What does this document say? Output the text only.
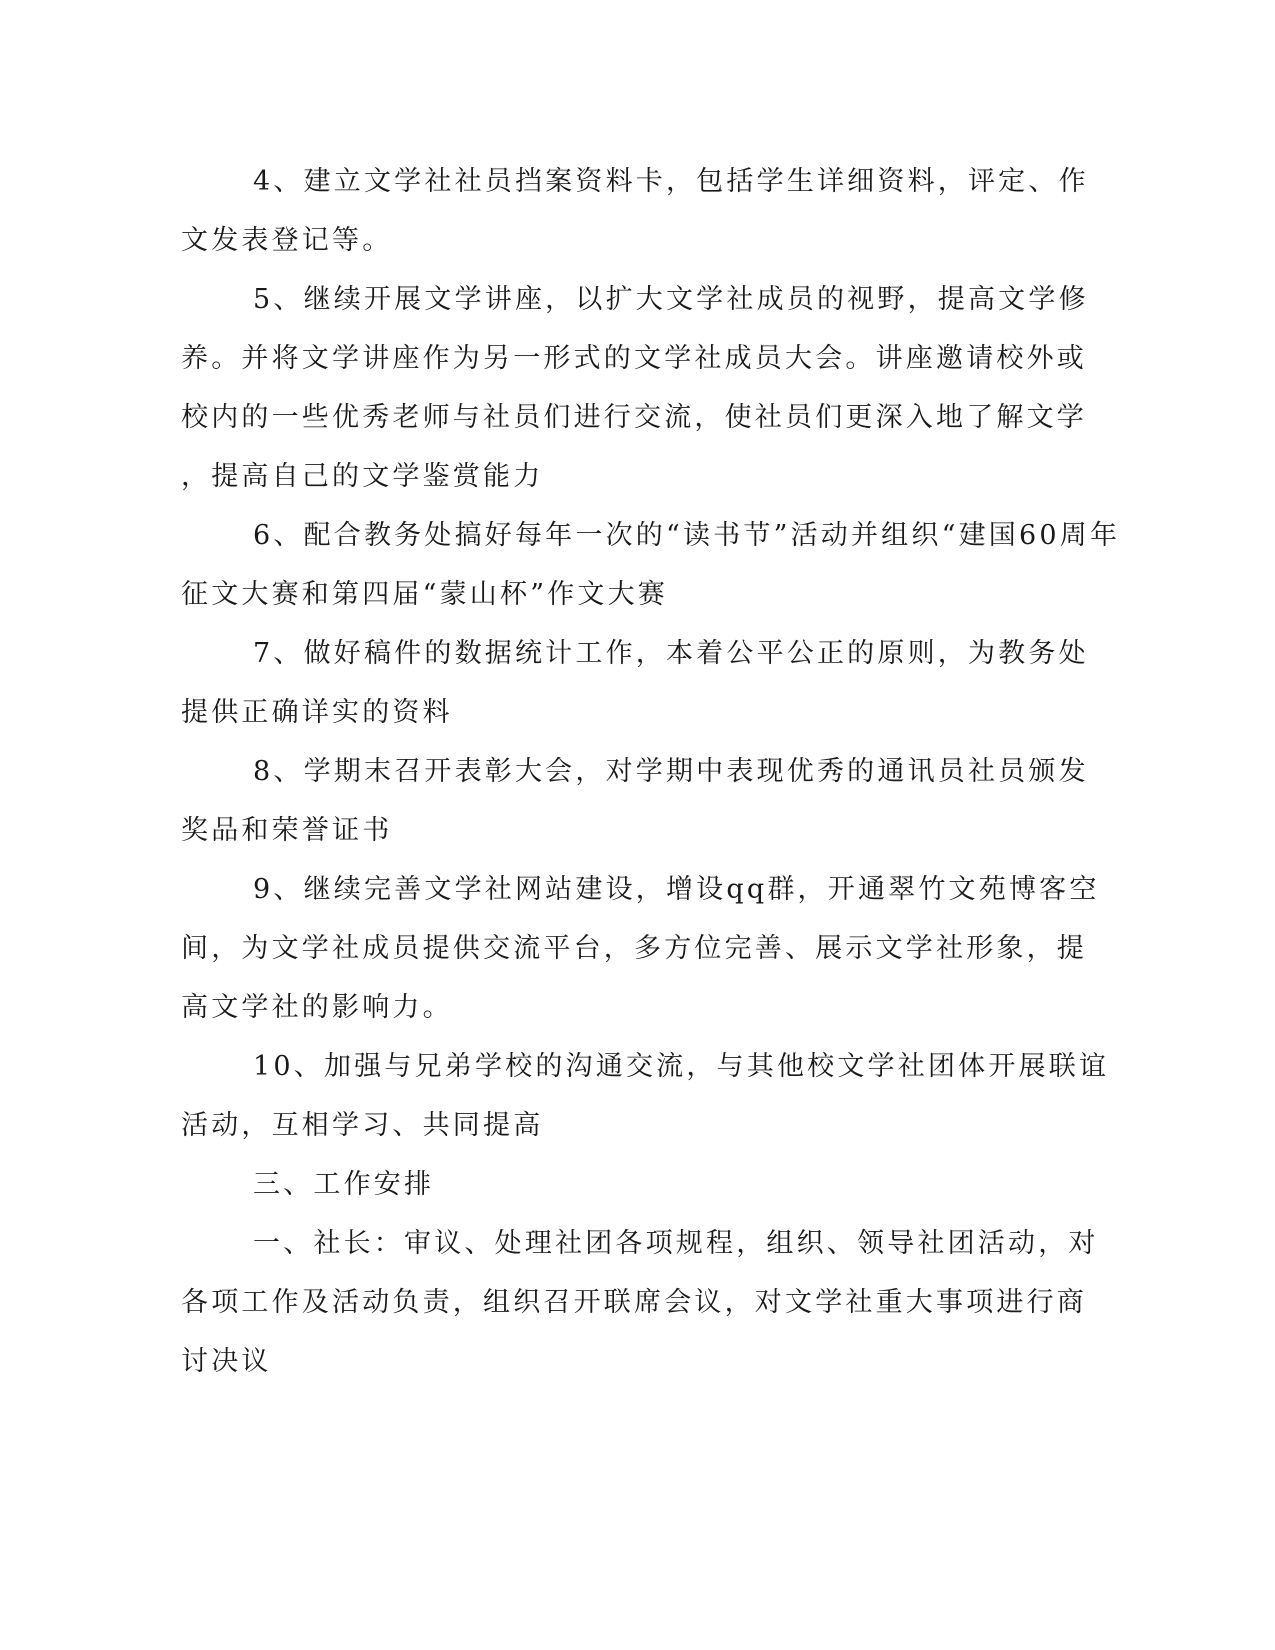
4、建立文学社社员挡案资料卡，包括学生详细资料，评定、作
文发表登记等。

5、继续开展文学讲座，以扩大文学社成员的视野，提高文学修
养。并将文学讲座作为另一形式的文学社成员大会。讲座邀请校外或
校内的一些优秀老师与社员们进行交流，使社员们更深入地了解文学
，提高自己的文学鉴赏能力

6、配合教务处搞好每年一次的“读书节”活动并组织“建国60周年
征文大赛和第四届“蒙山杯”作文大赛

7、做好稿件的数据统计工作，本着公平公正的原则，为教务处
提供正确详实的资料

8、学期末召开表彰大会，对学期中表现优秀的通讯员社员颁发
奖品和荣誉证书

9、继续完善文学社网站建设，增设qq群，开通翠竹文苑博客空
间，为文学社成员提供交流平台，多方位完善、展示文学社形象，提
高文学社的影响力。

10、加强与兄弟学校的沟通交流，与其他校文学社团体开展联谊
活动，互相学习、共同提高

三、工作安排

一、社长：审议、处理社团各项规程，组织、领导社团活动，对
各项工作及活动负责，组织召开联席会议，对文学社重大事项进行商
讨决议
